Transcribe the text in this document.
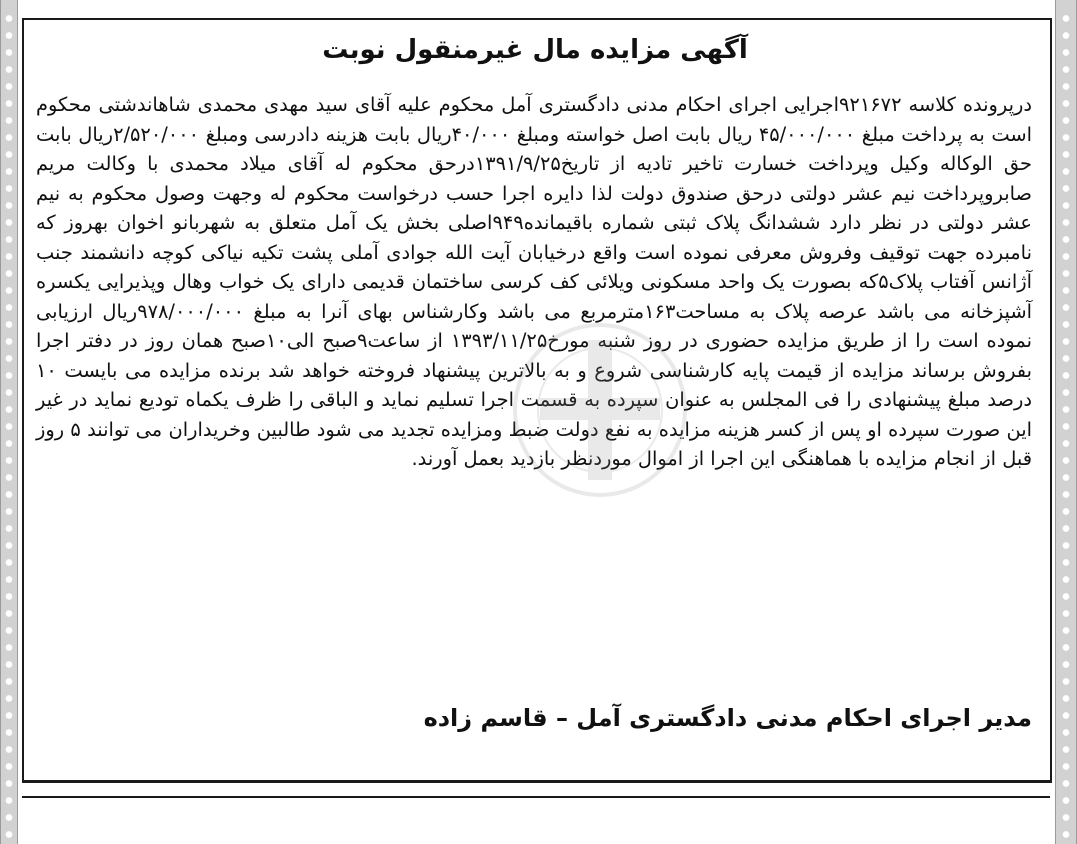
آگهی مزایده مال غیرمنقول نوبت
درپرونده کلاسه ۹۲۱۶۷۲اجرایی اجرای احکام مدنی دادگستری آمل محکوم علیه آقای سید مهدی محمدی شاهاندشتی محکوم است به پرداخت مبلغ ۴۵/۰۰۰/۰۰۰ ریال بابت اصل خواسته ومبلغ ۴۰/۰۰۰ریال بابت هزینه دادرسی ومبلغ ۲/۵۲۰/۰۰۰ریال بابت حق الوکاله وکیل وپرداخت خسارت تاخیر تادیه از تاریخ۱۳۹۱/۹/۲۵درحق محکوم له آقای میلاد محمدی با وکالت مریم صابروپرداخت نیم عشر دولتی درحق صندوق دولت لذا دایره اجرا حسب درخواست محکوم له وجهت وصول محکوم به نیم عشر دولتی در نظر دارد ششدانگ پلاک ثبتی شماره باقیمانده۹۴۹اصلی بخش یک آمل متعلق به شهربانو اخوان بهروز که نامبرده جهت توقیف وفروش معرفی نموده است واقع درخیابان آیت الله جوادی آملی پشت تکیه نیاکی کوچه دانشمند جنب آژانس آفتاب پلاک۵که بصورت یک واحد مسکونی ویلائی کف کرسی ساختمان قدیمی دارای یک خواب وهال وپذیرایی یکسره آشپزخانه می باشد عرصه پلاک به مساحت۱۶۳مترمربع می باشد وکارشناس بهای آنرا به مبلغ ۹۷۸/۰۰۰/۰۰۰ریال ارزیابی نموده است را از طریق مزایده حضوری در روز شنبه مورخ۱۳۹۳/۱۱/۲۵ از ساعت۹صبح الی۱۰صبح همان روز در دفتر اجرا بفروش برساند مزایده از قیمت پایه کارشناسی شروع و به بالاترین پیشنهاد فروخته خواهد شد برنده مزایده می بایست ۱۰ درصد مبلغ پیشنهادی را فی المجلس به عنوان سپرده به قسمت اجرا تسلیم نماید و الباقی را ظرف یکماه تودیع نماید در غیر این صورت سپرده او پس از کسر هزینه مزایده به نفع دولت ضبط ومزایده تجدید می شود طالبین وخریداران می توانند ۵ روز قبل از انجام مزایده با هماهنگی این اجرا از اموال موردنظر بازدید بعمل آورند.
مدیر اجرای احکام مدنی دادگستری آمل – قاسم زاده
